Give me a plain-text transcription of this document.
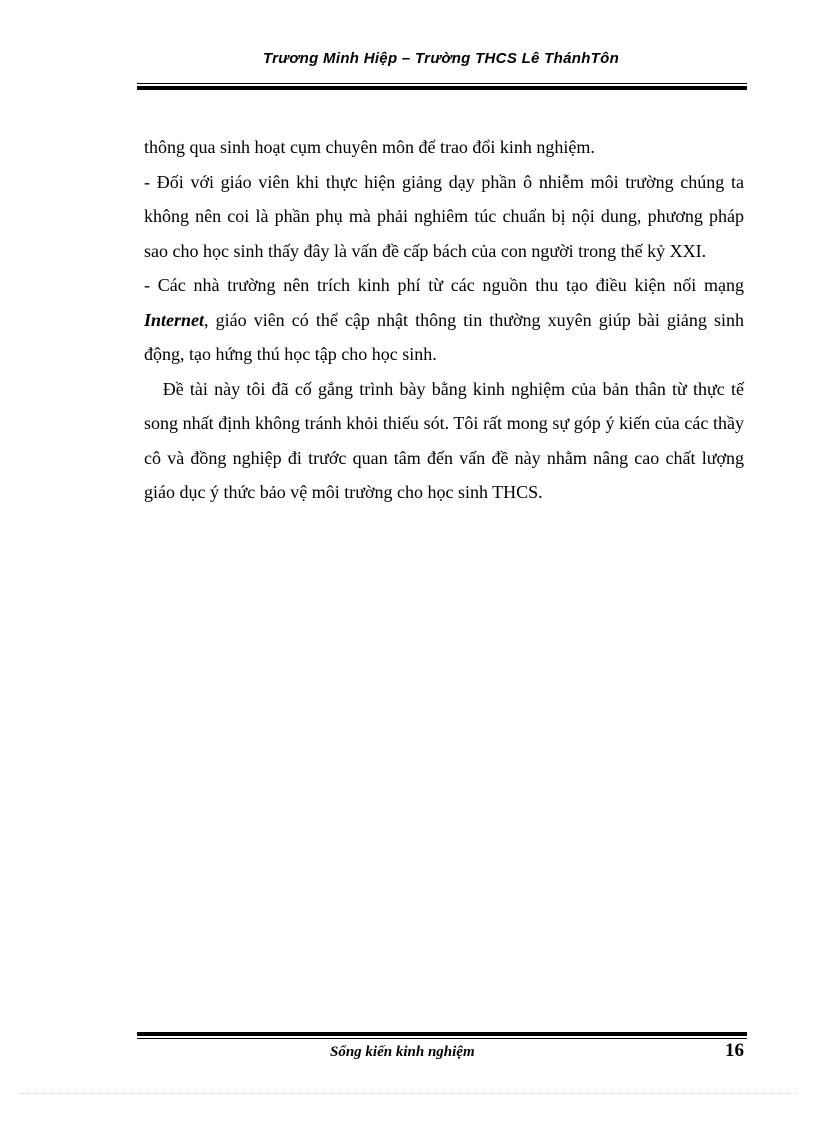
Trương Minh Hiệp – Trường THCS Lê ThánhTôn

thông qua sinh hoạt cụm chuyên môn để trao đổi kinh nghiệm.

- Đối với giáo viên khi thực hiện giảng dạy phần ô nhiễm môi trường chúng ta không nên coi là phần phụ mà phải nghiêm túc chuẩn bị nội dung, phương pháp sao cho học sinh thấy đây là vấn đề cấp bách của con người trong thế kỷ XXI.

- Các nhà trường nên trích kinh phí từ các nguồn thu tạo điều kiện nối mạng Internet, giáo viên có thể cập nhật thông tin thường xuyên giúp bài giảng sinh động, tạo hứng thú học tập cho học sinh.

Đề tài này tôi đã cố gắng trình bày bằng kinh nghiệm của bản thân từ thực tế song nhất định không tránh khỏi thiếu sót. Tôi rất mong sự góp ý kiến của các thầy cô và đồng nghiệp đi trước quan tâm đến vấn đề này nhằm nâng cao chất lượng giáo dục ý thức bảo vệ môi trường cho học sinh THCS.

Sổng kiến kinh nghiệm	16
